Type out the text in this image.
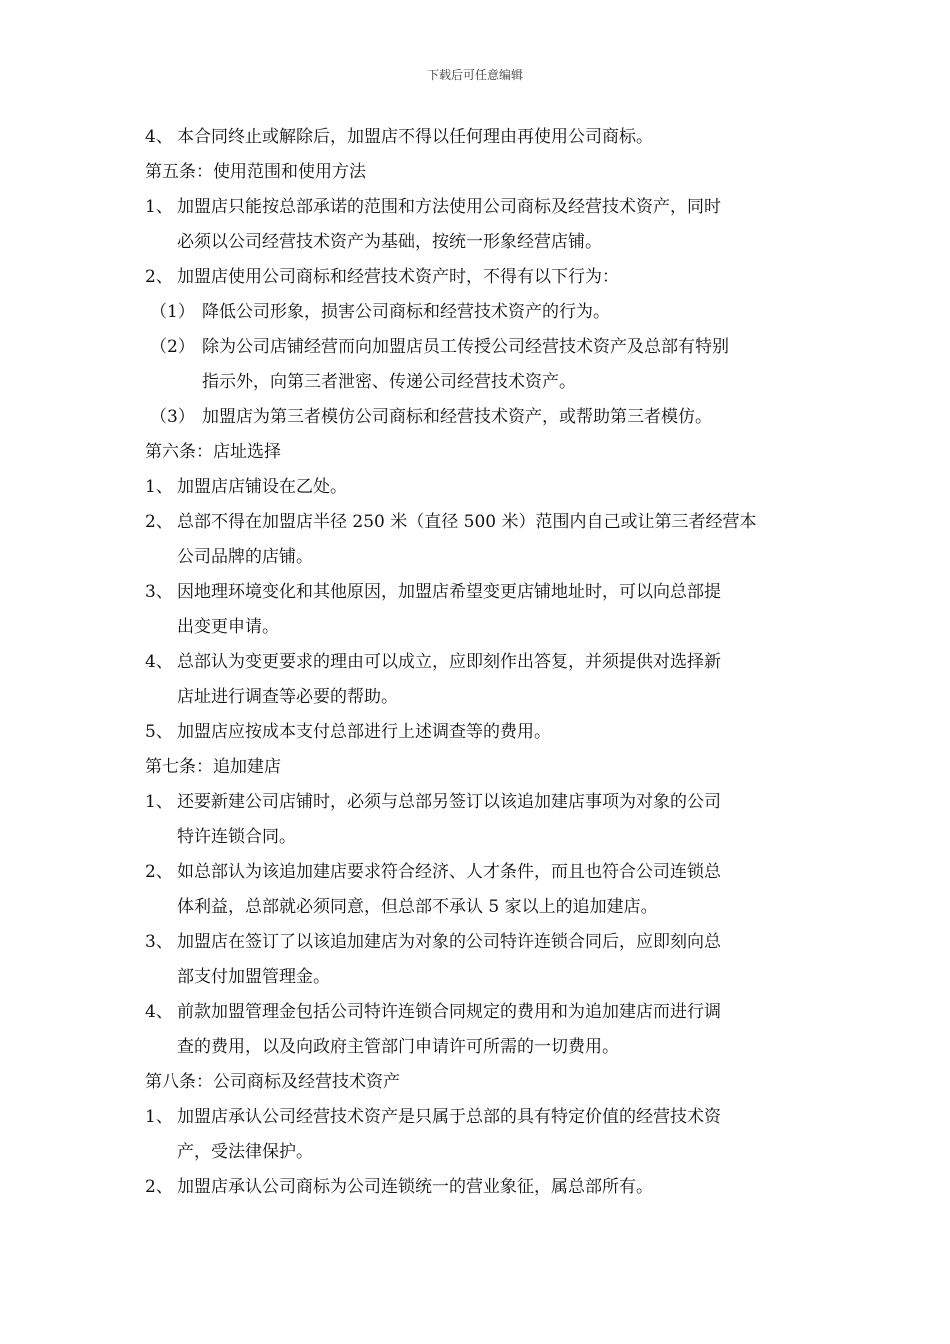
下载后可任意编辑
4、 本合同终止或解除后，加盟店不得以任何理由再使用公司商标。
第五条：使用范围和使用方法
1、 加盟店只能按总部承诺的范围和方法使用公司商标及经营技术资产，同时
必须以公司经营技术资产为基础，按统一形象经营店铺。
2、 加盟店使用公司商标和经营技术资产时，不得有以下行为：
（1） 降低公司形象，损害公司商标和经营技术资产的行为。
（2） 除为公司店铺经营而向加盟店员工传授公司经营技术资产及总部有特别
指示外，向第三者泄密、传递公司经营技术资产。
（3） 加盟店为第三者模仿公司商标和经营技术资产，或帮助第三者模仿。
第六条：店址选择
1、 加盟店店铺设在乙处。
2、 总部不得在加盟店半径 250 米（直径 500 米）范围内自己或让第三者经营本
公司品牌的店铺。
3、 因地理环境变化和其他原因，加盟店希望变更店铺地址时，可以向总部提
出变更申请。
4、 总部认为变更要求的理由可以成立，应即刻作出答复，并须提供对选择新
店址进行调查等必要的帮助。
5、 加盟店应按成本支付总部进行上述调查等的费用。
第七条：追加建店
1、 还要新建公司店铺时，必须与总部另签订以该追加建店事项为对象的公司
特许连锁合同。
2、 如总部认为该追加建店要求符合经济、人才条件，而且也符合公司连锁总
体利益，总部就必须同意，但总部不承认 5 家以上的追加建店。
3、 加盟店在签订了以该追加建店为对象的公司特许连锁合同后，应即刻向总
部支付加盟管理金。
4、 前款加盟管理金包括公司特许连锁合同规定的费用和为追加建店而进行调
查的费用，以及向政府主管部门申请许可所需的一切费用。
第八条：公司商标及经营技术资产
1、 加盟店承认公司经营技术资产是只属于总部的具有特定价值的经营技术资
产，受法律保护。
2、 加盟店承认公司商标为公司连锁统一的营业象征，属总部所有。
